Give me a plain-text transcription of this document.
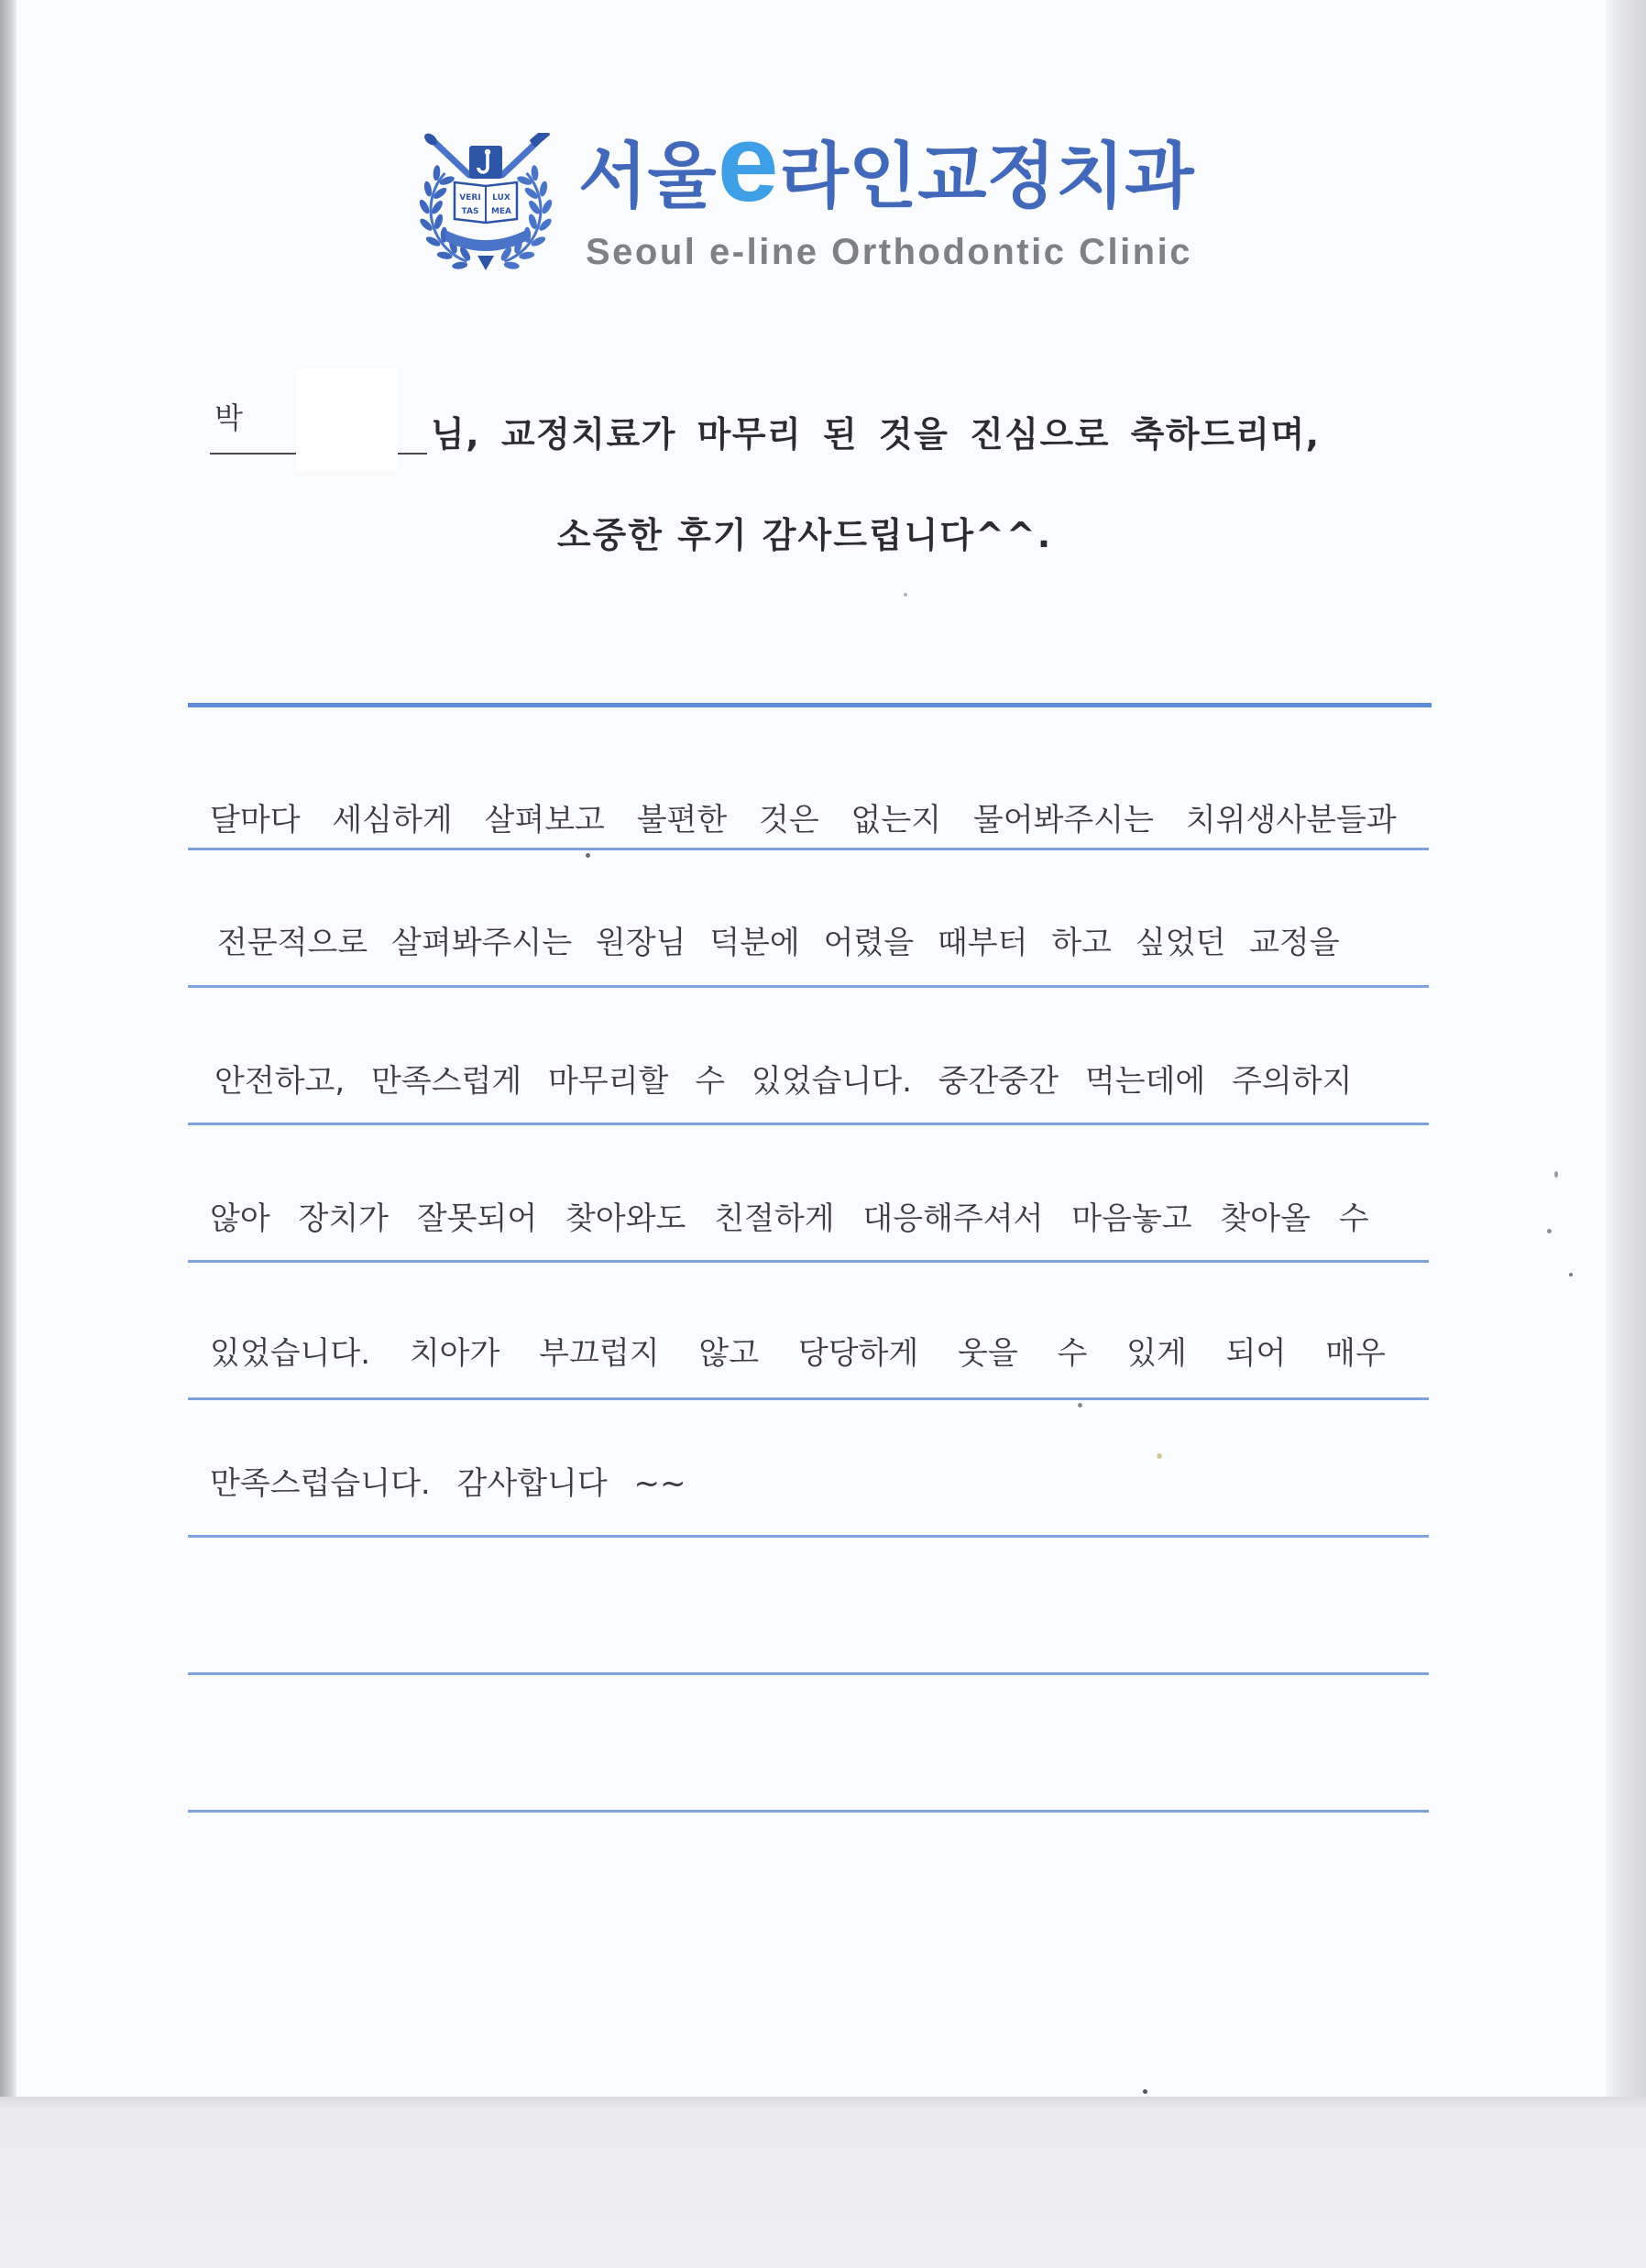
VERI LUX
TAS MEA 서울e라인교정치과
Seoul e-line Orthodontic Clinic
박	님, 교정치료가 마무리 된 것을 진심으로 축하드리며,
소중한 후기 감사드립니다^^.
달마다 세심하게 살펴보고 불편한 것은 없는지 물어봐주시는 치위생사분들과
전문적으로 살펴봐주시는 원장님 덕분에 어렸을 때부터 하고 싶었던 교정을
안전하고, 만족스럽게 마무리할 수 있었습니다. 중간중간 먹는데에 주의하지
않아 장치가 잘못되어 찾아와도 친절하게 대응해주셔서 마음놓고 찾아올 수
있었습니다. 치아가 부끄럽지 않고 당당하게 웃을 수 있게 되어 매우
만족스럽습니다. 감사합니다 ~~
